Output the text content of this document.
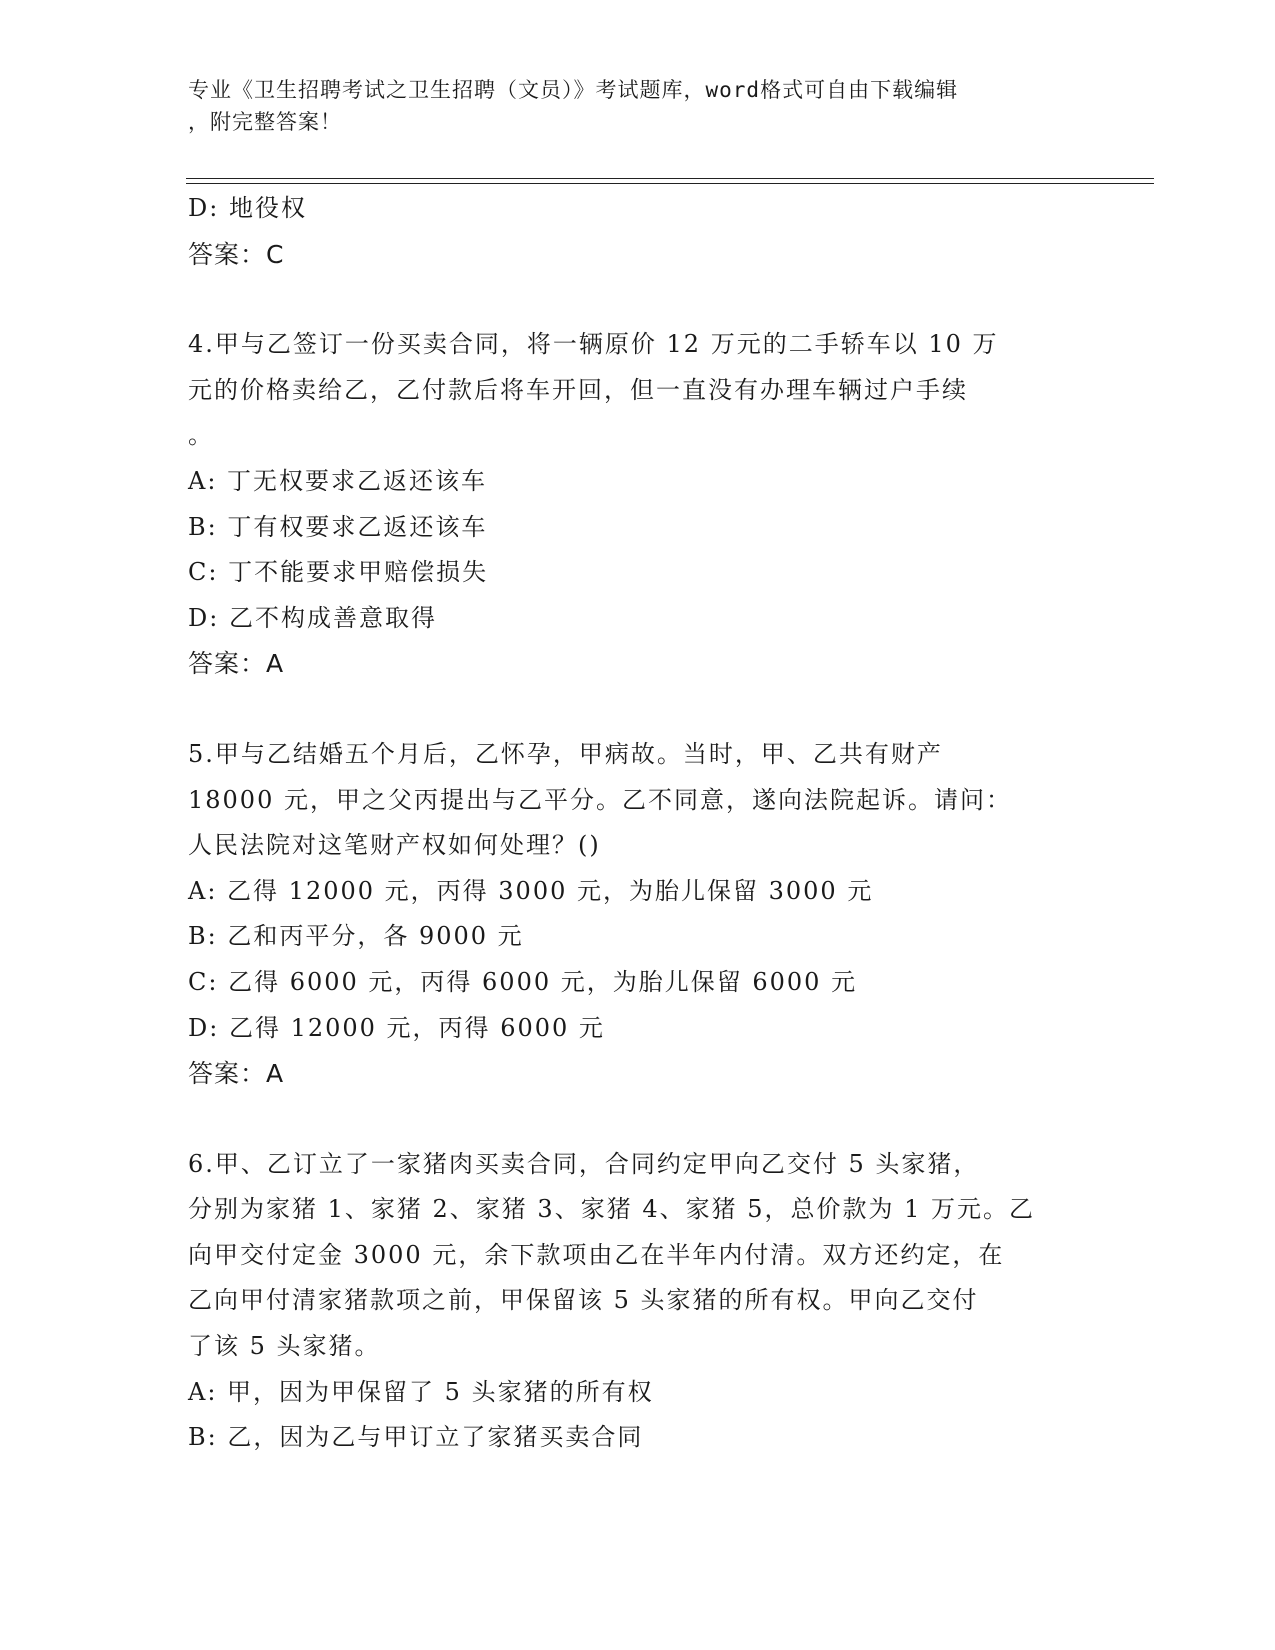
专业《卫生招聘考试之卫生招聘（文员）》考试题库，word格式可自由下载编辑
，附完整答案！
D: 地役权
答案：C
4.甲与乙签订一份买卖合同，将一辆原价 12 万元的二手轿车以 10 万
元的价格卖给乙，乙付款后将车开回，但一直没有办理车辆过户手续
。
A: 丁无权要求乙返还该车
B: 丁有权要求乙返还该车
C: 丁不能要求甲赔偿损失
D: 乙不构成善意取得
答案：A
5.甲与乙结婚五个月后，乙怀孕，甲病故。当时，甲、乙共有财产
18000 元，甲之父丙提出与乙平分。乙不同意，遂向法院起诉。请问：
人民法院对这笔财产权如何处理？()
A: 乙得 12000 元，丙得 3000 元，为胎儿保留 3000 元
B: 乙和丙平分，各 9000 元
C: 乙得 6000 元，丙得 6000 元，为胎儿保留 6000 元
D: 乙得 12000 元，丙得 6000 元
答案：A
6.甲、乙订立了一家猪肉买卖合同，合同约定甲向乙交付 5 头家猪，
分别为家猪 1、家猪 2、家猪 3、家猪 4、家猪 5，总价款为 1 万元。乙
向甲交付定金 3000 元，余下款项由乙在半年内付清。双方还约定，在
乙向甲付清家猪款项之前，甲保留该 5 头家猪的所有权。甲向乙交付
了该 5 头家猪。
A: 甲，因为甲保留了 5 头家猪的所有权
B: 乙，因为乙与甲订立了家猪买卖合同
